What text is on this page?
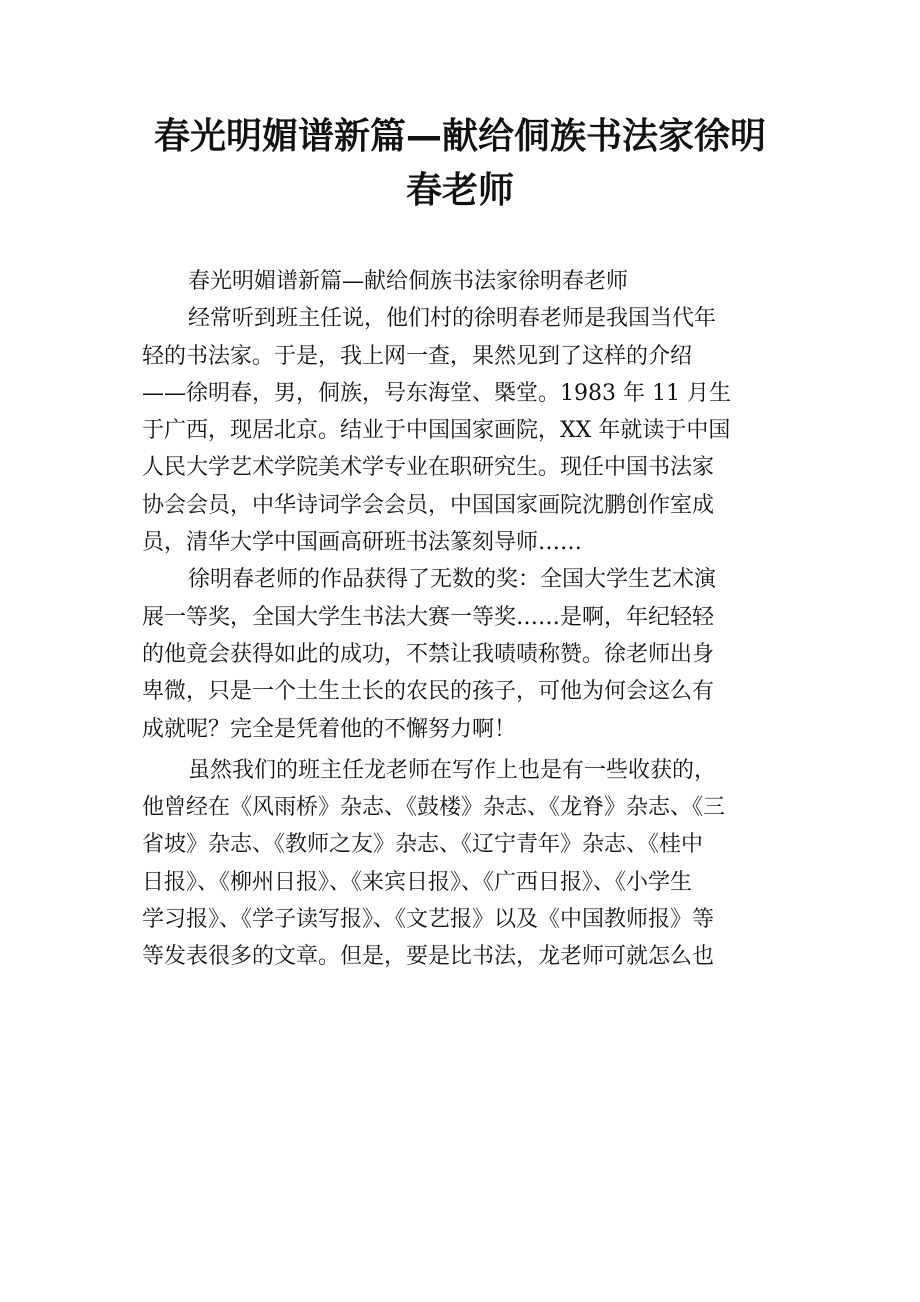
春光明媚谱新篇—献给侗族书法家徐明
春老师

春光明媚谱新篇—献给侗族书法家徐明春老师

经常听到班主任说，他们村的徐明春老师是我国当代年
轻的书法家。于是，我上网一查，果然见到了这样的介绍
——徐明春，男，侗族，号东海堂、槩堂。1983 年 11 月生
于广西，现居北京。结业于中国国家画院，XX 年就读于中国
人民大学艺术学院美术学专业在职研究生。现任中国书法家
协会会员，中华诗词学会会员，中国国家画院沈鹏创作室成
员，清华大学中国画高研班书法篆刻导师……

徐明春老师的作品获得了无数的奖：全国大学生艺术演
展一等奖，全国大学生书法大赛一等奖……是啊，年纪轻轻
的他竟会获得如此的成功，不禁让我啧啧称赞。徐老师出身
卑微，只是一个土生土长的农民的孩子，可他为何会这么有
成就呢？完全是凭着他的不懈努力啊！

虽然我们的班主任龙老师在写作上也是有一些收获的，
他曾经在《风雨桥》杂志、《鼓楼》杂志、《龙脊》杂志、《三
省坡》杂志、《教师之友》杂志、《辽宁青年》杂志、《桂中
日报》、《柳州日报》、《来宾日报》、《广西日报》、《小学生
学习报》、《学子读写报》、《文艺报》以及《中国教师报》等
等发表很多的文章。但是，要是比书法，龙老师可就怎么也
